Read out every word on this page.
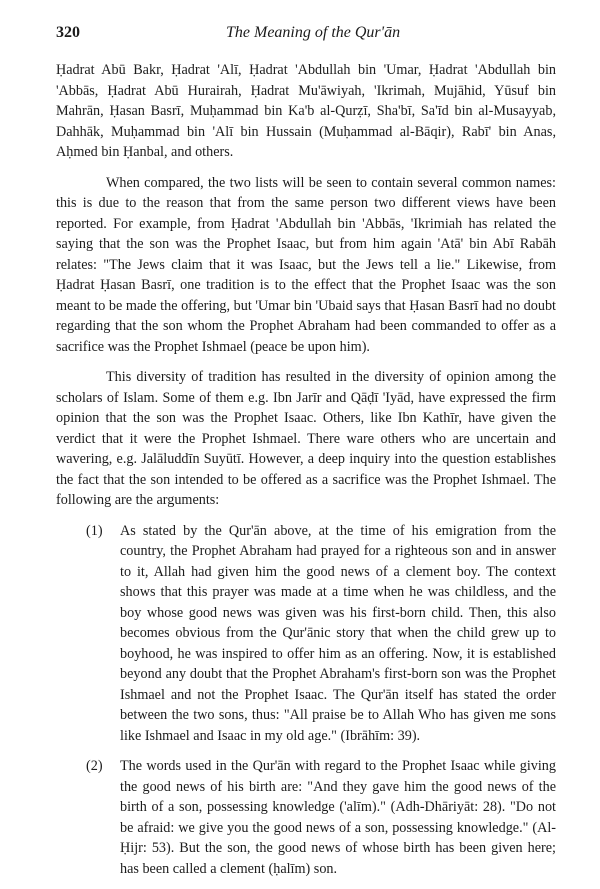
320	The Meaning of the Qur'ān

Ḥadrat Abū Bakr, Ḥadrat 'Alī, Ḥadrat 'Abdullah bin 'Umar, Ḥadrat 'Abdullah bin 'Abbās, Ḥadrat Abū Hurairah, Ḥadrat Mu'āwiyah, 'Ikrimah, Mujāhid, Yūsuf bin Mahrān, Ḥasan Basrī, Muḥammad bin Ka'b al-Qurẓī, Sha'bī, Sa'īd bin al-Musayyab, Dahhāk, Muḥammad bin 'Alī bin Hussain (Muḥammad al-Bāqir), Rabī' bin Anas, Aḥmed bin Ḥanbal, and others.

When compared, the two lists will be seen to contain several common names: this is due to the reason that from the same person two different views have been reported. For example, from Ḥadrat 'Abdullah bin 'Abbās, 'Ikrimiah has related the saying that the son was the Prophet Isaac, but from him again 'Atā' bin Abī Rabāh relates: "The Jews claim that it was Isaac, but the Jews tell a lie." Likewise, from Ḥadrat Ḥasan Basrī, one tradition is to the effect that the Prophet Isaac was the son meant to be made the offering, but 'Umar bin 'Ubaid says that Ḥasan Basrī had no doubt regarding that the son whom the Prophet Abraham had been commanded to offer as a sacrifice was the Prophet Ishmael (peace be upon him).

This diversity of tradition has resulted in the diversity of opinion among the scholars of Islam. Some of them e.g. Ibn Jarīr and Qāḍī 'Iyād, have expressed the firm opinion that the son was the Prophet Isaac. Others, like Ibn Kathīr, have given the verdict that it were the Prophet Ishmael. There ware others who are uncertain and wavering, e.g. Jalāluddīn Suyūtī. However, a deep inquiry into the question establishes the fact that the son intended to be offered as a sacrifice was the Prophet Ishmael. The following are the arguments:

(1)	As stated by the Qur'ān above, at the time of his emigration from the country, the Prophet Abraham had prayed for a righteous son and in answer to it, Allah had given him the good news of a clement boy. The context shows that this prayer was made at a time when he was childless, and the boy whose good news was given was his first-born child. Then, this also becomes obvious from the Qur'ānic story that when the child grew up to boyhood, he was inspired to offer him as an offering. Now, it is established beyond any doubt that the Prophet Abraham's first-born son was the Prophet Ishmael and not the Prophet Isaac. The Qur'ān itself has stated the order between the two sons, thus: "All praise be to Allah Who has given me sons like Ishmael and Isaac in my old age." (Ibrāhīm: 39).
(2)	The words used in the Qur'ān with regard to the Prophet Isaac while giving the good news of his birth are: "And they gave him the good news of the birth of a son, possessing knowledge ('alīm)." (Adh-Dhāriyāt: 28). "Do not be afraid: we give you the good news of a son, possessing knowledge." (Al-Ḥijr: 53). But the son, the good news of whose birth has been given here; has been called a clement (ḥalīm) son.
